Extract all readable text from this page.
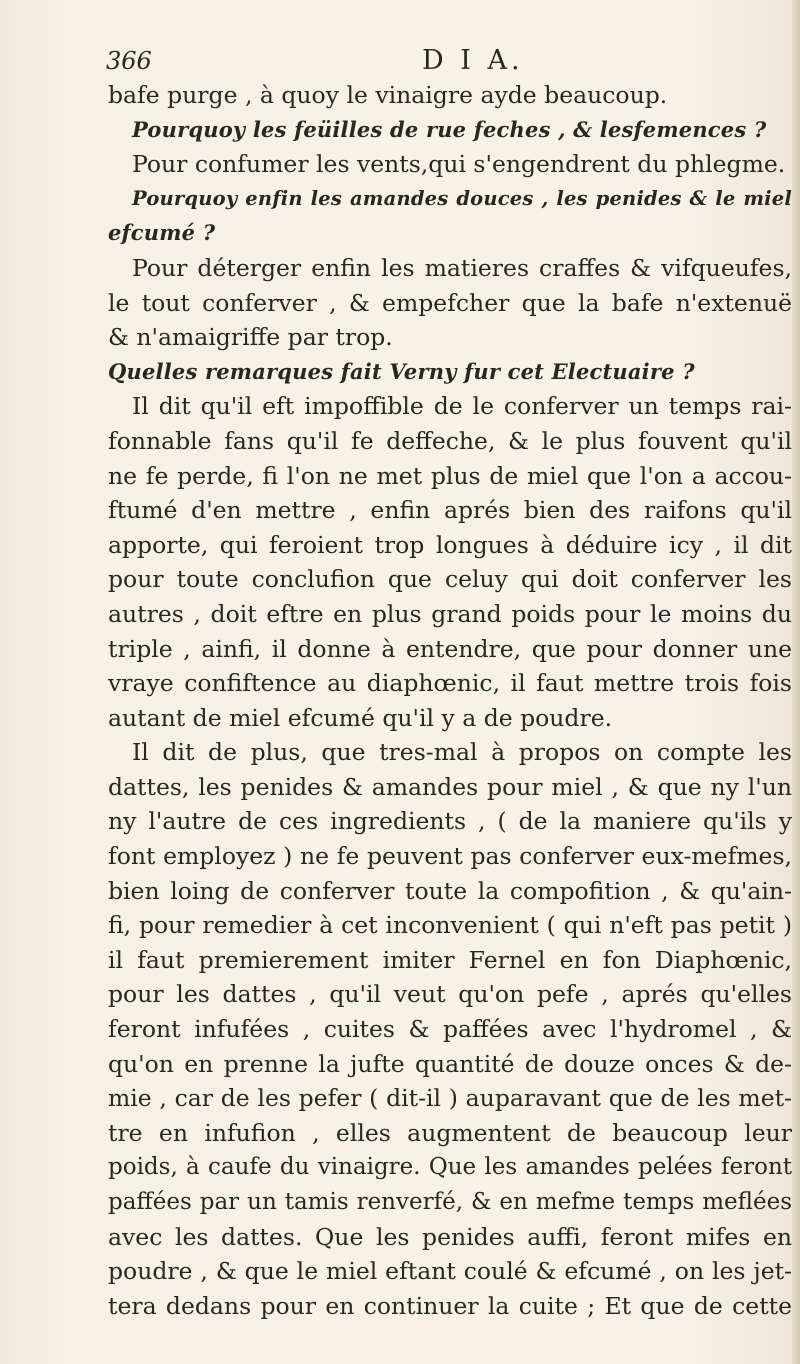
366	D I A.
bafe purge , à quoy le vinaigre ayde beaucoup.
Pourquoy les feüilles de rue feches , & lesfemences ?
Pour confumer les vents,qui s'engendrent du phlegme.
Pourquoy enfin les amandes douces , les penides & le miel
efcumé ?
Pour déterger enfin les matieres craffes & vifqueufes,
le tout conferver , & empefcher que la bafe n'extenuë
& n'amaigriffe par trop.
Quelles remarques fait Verny fur cet Electuaire ?
Il dit qu'il eft impoffible de le conferver un temps rai-
fonnable fans qu'il fe deffeche, & le plus fouvent qu'il
ne fe perde, fi l'on ne met plus de miel que l'on a accou-
ftumé d'en mettre , enfin aprés bien des raifons qu'il
apporte, qui feroient trop longues à déduire icy , il dit
pour toute conclufion que celuy qui doit conferver les
autres , doit eftre en plus grand poids pour le moins du
triple , ainfi, il donne à entendre, que pour donner une
vraye confiftence au diaphœnic, il faut mettre trois fois
autant de miel efcumé qu'il y a de poudre.
Il dit de plus, que tres-mal à propos on compte les
dattes, les penides & amandes pour miel , & que ny l'un
ny l'autre de ces ingredients , ( de la maniere qu'ils y
font employez ) ne fe peuvent pas conferver eux-mefmes,
bien loing de conferver toute la compofition , & qu'ain-
fi, pour remedier à cet inconvenient ( qui n'eft pas petit )
il faut premierement imiter Fernel en fon Diaphœnic,
pour les dattes , qu'il veut qu'on pefe , aprés qu'elles
feront infufées , cuites & paffées avec l'hydromel , &
qu'on en prenne la jufte quantité de douze onces & de-
mie , car de les pefer ( dit-il ) auparavant que de les met-
tre en infufion , elles augmentent de beaucoup leur
poids, à caufe du vinaigre. Que les amandes pelées feront
paffées par un tamis renverfé, & en mefme temps meflées
avec les dattes. Que les penides auffi, feront mifes en
poudre , & que le miel eftant coulé & efcumé , on les jet-
tera dedans pour en continuer la cuite ; Et que de cette
